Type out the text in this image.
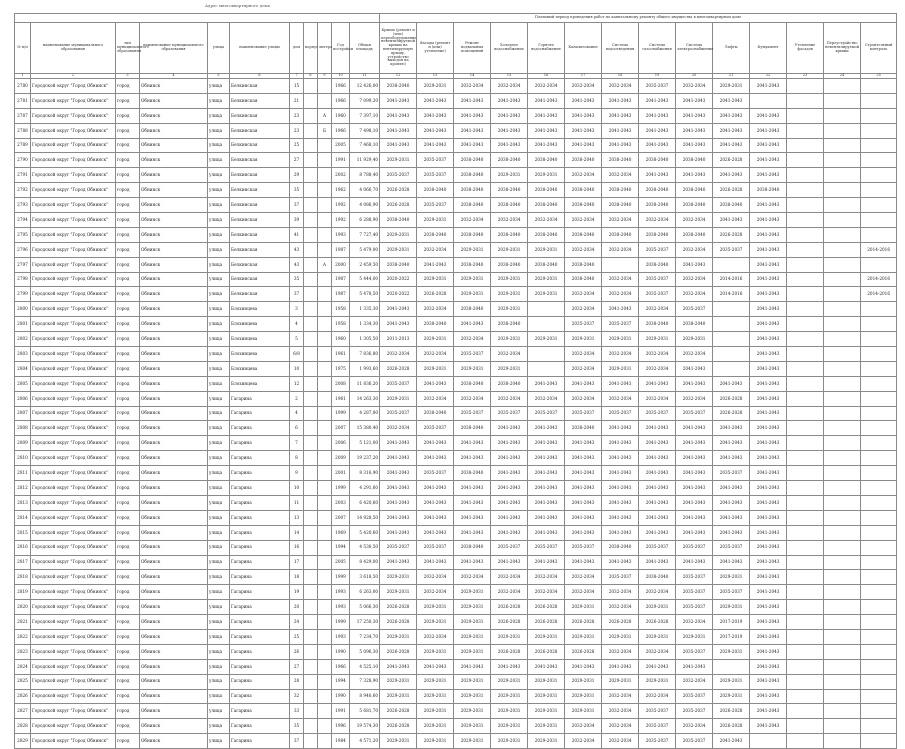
Адрес многоквартирного дома
											Плановый период проведения работ по капитальному ремонту общего имущества в многоквартирном доме													
№ п/п	наименование муниципального образования	тип муниципального образования	наименование муниципального образования	улица	наименование улицы	дом	корпус	литера	Год постройки	Общая площадь	Крыша (ремонт и (или) переоборудование невентилируемой крыши на вентилируемую крышу, устройство выходов на кровлю)	Фасады (ремонт и (или) утепление)	Ремонт подвальных помещений	Холодное водоснабжение	Горячее водоснабжение	Канализование	Система водоотведения	Система газоснабжения	Система электроснабжения	Лифты	Фундамент	Утепление фасадов	Переустройство невентилируемой крыши	Строительный контроль
1	2	3	4	5	6	7	8	9	10	11	12	13	14	15	16	17	18	19	20	21	22	23	24	25
2780	Городской округ "Город Обнинск"	город	Обнинск	улица	Белкинская	15			1966	12 426,00	2038-2040	2029-2031	2032-2034	2032-2034	2032-2034	2032-2034	2032-2034	2035-2037	2032-2034	2029-2031	2041-2043			
2781	Городской округ "Город Обнинск"	город	Обнинск	улица	Белкинская	21			1966	7 099,20	2041-2043	2041-2043	2041-2043	2041-2043	2041-2043	2041-2043	2041-2043	2041-2043	2041-2043	2041-2043				
2787	Городской округ "Город Обнинск"	город	Обнинск	улица	Белкинская	23		А	1960	7 397,10	2041-2043	2041-2043	2041-2043	2041-2043	2041-2043	2041-2043	2041-2043	2041-2043	2041-2043	2041-2043	2041-2043			
2788	Городской округ "Город Обнинск"	город	Обнинск	улица	Белкинская	23		Б	1966	7 498,10	2041-2043	2041-2043	2041-2043	2041-2043	2041-2043	2041-2043	2041-2043	2041-2043	2041-2043	2041-2043	2041-2043			
2789	Городской округ "Город Обнинск"	город	Обнинск	улица	Белкинская	25			2005	7 468,10	2041-2043	2041-2043	2041-2043	2041-2043	2041-2043	2041-2043	2041-2043	2041-2043	2041-2043	2041-2043	2041-2043			
2790	Городской округ "Город Обнинск"	город	Обнинск	улица	Белкинская	27			1991	11 929,40	2029-2031	2035-2037	2038-2040	2038-2040	2038-2040	2038-2040	2038-2040	2038-2040	2038-2040	2026-2028	2041-2043			
2791	Городской округ "Город Обнинск"	город	Обнинск	улица	Белкинская	29			2002	8 788,40	2035-2037	2035-2037	2038-2040	2029-2031	2029-2031	2032-2034	2032-2034	2041-2043	2041-2043	2041-2043	2041-2043			
2792	Городской округ "Город Обнинск"	город	Обнинск	улица	Белкинская	35			1962	4 066,70	2026-2028	2038-2040	2038-2040	2038-2040	2038-2040	2038-2040	2038-2040	2038-2040	2038-2040	2026-2028	2038-2040			
2793	Городской округ "Город Обнинск"	город	Обнинск	улица	Белкинская	37			1992	4 086,90	2026-2028	2035-2037	2038-2040	2038-2040	2038-2040	2038-2040	2038-2040	2038-2040	2038-2040	2038-2040	2041-2043			
2794	Городской округ "Город Обнинск"	город	Обнинск	улица	Белкинская	39			1992	6 288,90	2038-2040	2029-2031	2032-2034	2032-2034	2032-2034	2032-2034	2032-2034	2032-2034	2032-2034	2041-2043	2041-2043			
2795	Городской округ "Город Обнинск"	город	Обнинск	улица	Белкинская	41			1993	7 727,40	2029-2031	2038-2040	2038-2040	2038-2040	2038-2040	2038-2040	2038-2040	2038-2040	2038-2040	2026-2028	2041-2043			
2796	Городской округ "Город Обнинск"	город	Обнинск	улица	Белкинская	43			1987	5 479,00	2029-2031	2032-2034	2029-2031	2029-2031	2029-2031	2032-2034	2032-2034	2035-2037	2032-2034	2035-2037	2041-2043			2014-2016
2797	Городской округ "Город Обнинск"	город	Обнинск	улица	Белкинская	43		А	2000	2 459,50	2038-2040	2041-2043	2038-2040	2038-2040	2038-2040	2038-2040		2038-2040	2041-2043		2041-2043			
2798	Городской округ "Город Обнинск"	город	Обнинск	улица	Белкинская	35			1987	5 444,00	2020-2022	2029-2031	2029-2031	2029-2031	2029-2031	2038-2040	2032-2034	2035-2037	2032-2034	2014-2016	2041-2043			2014-2016
2799	Городской округ "Город Обнинск"	город	Обнинск	улица	Белкинская	37			1987	5 478,50	2020-2022	2026-2028	2029-2031	2029-2031	2029-2031	2032-2034	2032-2034	2035-2037	2032-2034	2014-2016	2041-2043			2014-2016
2800	Городской округ "Город Обнинск"	город	Обнинск	улица	Блохинцева	3			1958	1 335,30	2041-2043	2032-2034	2038-2040	2029-2031		2032-2034	2041-2043	2032-2034	2035-2037		2041-2043			
2801	Городской округ "Город Обнинск"	город	Обнинск	улица	Блохинцева	4			1958	1 334,30	2041-2043	2038-2040	2041-2043	2038-2040		2035-2037	2035-2037	2038-2040	2038-2040		2041-2043			
2802	Городской округ "Город Обнинск"	город	Обнинск	улица	Блохинцева	5			1960	1 305,50	2011-2013	2029-2031	2032-2034	2029-2031	2029-2031	2029-2031	2029-2031	2029-2031	2029-2031		2041-2043			
2803	Городской округ "Город Обнинск"	город	Обнинск	улица	Блохинцева	6/8			1961	7 836,80	2032-2034	2032-2034	2035-2037	2032-2034		2032-2034	2032-2034	2032-2034	2032-2034		2041-2043			
2804	Городской округ "Город Обнинск"	город	Обнинск	улица	Блохинцева	10			1975	1 993,60	2026-2028	2029-2031	2029-2031	2029-2031		2032-2034	2029-2031	2032-2034	2041-2043		2041-2043			
2805	Городской округ "Город Обнинск"	город	Обнинск	улица	Блохинцева	12			2008	11 836,20	2035-2037	2041-2043	2038-2040	2038-2040	2041-2043	2041-2043	2041-2043	2041-2043	2041-2043	2041-2043	2041-2043			
2806	Городской округ "Город Обнинск"	город	Обнинск	улица	Гагарина	2			1961	14 263,30	2029-2031	2032-2034	2032-2034	2032-2034	2032-2034	2032-2034	2032-2034	2032-2034	2032-2034	2026-2028	2041-2043			
2807	Городской округ "Город Обнинск"	город	Обнинск	улица	Гагарина	4			1999	4 287,80	2035-2037	2038-2040	2035-2037	2035-2037	2035-2037	2035-2037	2035-2037	2035-2037	2035-2037	2026-2028	2041-2043			
2808	Городской округ "Город Обнинск"	город	Обнинск	улица	Гагарина	6			2007	15 380,40	2032-2034	2035-2037	2038-2040	2041-2043	2041-2043	2038-2040	2041-2043	2041-2043	2041-2043	2041-2043	2041-2043			
2809	Городской округ "Город Обнинск"	город	Обнинск	улица	Гагарина	7			2006	5 121,00	2041-2043	2041-2043	2041-2043	2041-2043	2041-2043	2041-2043	2041-2043	2041-2043	2041-2043	2041-2043	2041-2043			
2810	Городской округ "Город Обнинск"	город	Обнинск	улица	Гагарина	8			2009	19 237,20	2041-2043	2041-2043	2041-2043	2041-2043	2041-2043	2041-2043	2041-2043	2041-2043	2041-2043	2041-2043	2041-2043			
2811	Городской округ "Город Обнинск"	город	Обнинск	улица	Гагарина	9			2001	8 316,90	2041-2043	2035-2037	2038-2040	2041-2043	2041-2043	2041-2043	2041-2043	2041-2043	2041-2043	2035-2037	2041-2043			
2812	Городской округ "Город Обнинск"	город	Обнинск	улица	Гагарина	10			1999	4 291,60	2041-2043	2041-2043	2041-2043	2041-2043	2041-2043	2041-2043	2041-2043	2041-2043	2041-2043	2041-2043	2041-2043			
2813	Городской округ "Город Обнинск"	город	Обнинск	улица	Гагарина	11			2003	6 420,60	2041-2043	2041-2043	2041-2043	2041-2043	2041-2043	2041-2043	2041-2043	2041-2043	2041-2043	2041-2043	2041-2043			
2814	Городской округ "Город Обнинск"	город	Обнинск	улица	Гагарина	13			2007	14 928,50	2041-2043	2041-2043	2041-2043	2041-2043	2041-2043	2041-2043	2041-2043	2041-2043	2041-2043	2041-2043	2041-2043			
2815	Городской округ "Город Обнинск"	город	Обнинск	улица	Гагарина	14			1969	5 420,60	2041-2043	2041-2043	2041-2043	2041-2043	2041-2043	2041-2043	2041-2043	2041-2043	2041-2043	2041-2043	2041-2043			
2816	Городской округ "Город Обнинск"	город	Обнинск	улица	Гагарина	16			1994	4 530,50	2035-2037	2035-2037	2038-2040	2035-2037	2035-2037	2035-2037	2038-2040	2035-2037	2035-2037	2035-2037	2041-2043			
2817	Городской округ "Город Обнинск"	город	Обнинск	улица	Гагарина	17			2005	8 429,00	2041-2043	2041-2043	2041-2043	2041-2043	2041-2043	2041-2043	2041-2043	2041-2043	2041-2043	2041-2043	2041-2043			
2818	Городской округ "Город Обнинск"	город	Обнинск	улица	Гагарина	18			1999	3 618,50	2029-2031	2032-2034	2032-2034	2032-2034	2032-2034	2032-2034	2035-2037	2038-2040	2035-2037	2029-2031	2041-2043			
2819	Городской округ "Город Обнинск"	город	Обнинск	улица	Гагарина	19			1993	6 263,00	2029-2031	2032-2034	2029-2031	2032-2034	2032-2034	2032-2034	2032-2034	2032-2034	2035-2037	2035-2037	2041-2043			
2820	Городской округ "Город Обнинск"	город	Обнинск	улица	Гагарина	20			1993	5 066,30	2026-2028	2029-2031	2029-2031	2026-2028	2026-2028	2029-2031	2032-2034	2029-2031	2035-2037	2029-2031	2041-2043			
2821	Городской округ "Город Обнинск"	город	Обнинск	улица	Гагарина	24			1999	17 250,30	2026-2028	2029-2031	2029-2031	2026-2028	2026-2028	2026-2028	2026-2028	2026-2028	2032-2034	2017-2019	2041-2043			
2822	Городской округ "Город Обнинск"	город	Обнинск	улица	Гагарина	25			1993	7 234,70	2029-2031	2032-2034	2029-2031	2029-2031	2029-2031	2029-2031	2029-2031	2029-2031	2029-2031	2017-2019	2041-2043			
2823	Городской округ "Город Обнинск"	город	Обнинск	улица	Гагарина	26			1990	5 096,30	2026-2028	2029-2031	2029-2031	2026-2028	2026-2028	2026-2028	2032-2034	2032-2034	2035-2037	2029-2031	2041-2043			
2824	Городской округ "Город Обнинск"	город	Обнинск	улица	Гагарина	27			1966	4 525,10	2041-2043	2041-2043	2041-2043	2041-2043	2041-2043	2041-2043	2041-2043	2041-2043	2041-2043		2041-2043			
2825	Городской округ "Город Обнинск"	город	Обнинск	улица	Гагарина	28			1994	7 328,90	2029-2031	2029-2031	2029-2031	2029-2031	2029-2031	2029-2031	2029-2031	2029-2031	2032-2034	2029-2031	2041-2043			
2826	Городской округ "Город Обнинск"	город	Обнинск	улица	Гагарина	32			1990	8 940,60	2029-2031	2029-2031	2029-2031	2029-2031	2029-2031	2029-2031	2032-2034	2032-2034	2035-2037	2029-2031	2041-2043			
2827	Городской округ "Город Обнинск"	город	Обнинск	улица	Гагарина	33			1991	5 681,70	2026-2028	2029-2031	2029-2031	2029-2031	2029-2031	2029-2031	2032-2034	2035-2037	2035-2037	2026-2028	2041-2043			
2828	Городской округ "Город Обнинск"	город	Обнинск	улица	Гагарина	35			1996	19 574,30	2026-2028	2029-2031	2029-2031	2029-2031	2029-2031	2032-2034	2032-2034	2035-2037	2032-2034	2026-2028	2041-2043			
2829	Городской округ "Город Обнинск"	город	Обнинск	улица	Гагарина	37			1984	4 571,20	2029-2031	2029-2031	2029-2031	2029-2031	2029-2031	2032-2034	2032-2034	2035-2037	2035-2037	2041-2043				
